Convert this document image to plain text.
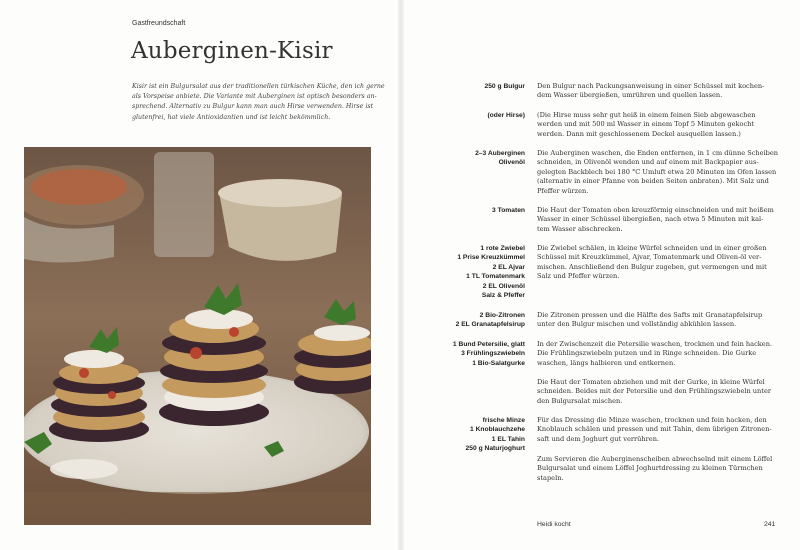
Gastfreundschaft
Auberginen-Kisir
Kisir ist ein Bulgursalat aus der traditionellen türkischen Küche, den ich gerne
als Vorspeise anbiete. Die Variante mit Auberginen ist optisch besonders an-
sprechend. Alternativ zu Bulgur kann man auch Hirse verwenden. Hirse ist
glutenfrei, hat viele Antioxidantien und ist leicht bekömmlich.
250 g Bulgur Den Bulgur nach Packungsanweisung in einer Schüssel mit kochen-
dem Wasser übergießen, umrühren und quellen lassen.
(oder Hirse) (Die Hirse muss sehr gut heiß in einem feinen Sieb abgewaschen
werden und mit 500 ml Wasser in einem Topf 5 Minuten gekocht
werden. Dann mit geschlossenem Deckel ausquellen lassen.)
2–3 Auberginen
Olivenöl
Die Auberginen waschen, die Enden entfernen, in 1 cm dünne Scheiben
schneiden, in Olivenöl wenden und auf einem mit Backpapier aus-
gelegten Backblech bei 180 °C Umluft etwa 20 Minuten im Ofen lassen
(alternativ in einer Pfanne von beiden Seiten anbraten). Mit Salz und
Pfeffer würzen.
3 Tomaten Die Haut der Tomaten oben kreuzförmig einschneiden und mit heißem
Wasser in einer Schüssel übergießen, nach etwa 5 Minuten mit kal-
tem Wasser abschrecken.
1 rote Zwiebel
1 Prise Kreuzkümmel
2 EL Ajvar
1 TL Tomatenmark
2 EL Olivenöl
Salz & Pfeffer
Die Zwiebel schälen, in kleine Würfel schneiden und in einer großen
Schüssel mit Kreuzkümmel, Ajvar, Tomatenmark und Oliven-öl ver-
mischen. Anschließend den Bulgur zugeben, gut vermengen und mit
Salz und Pfeffer würzen.
2 Bio-Zitronen
2 EL Granatapfelsirup
Die Zitronen pressen und die Hälfte des Safts mit Granatapfelsirup
unter den Bulgur mischen und vollständig abkühlen lassen.
1 Bund Petersilie, glatt
3 Frühlingszwiebeln
1 Bio-Salatgurke
In der Zwischenzeit die Petersilie waschen, trocknen und fein hacken.
Die Frühlingszwiebeln putzen und in Ringe schneiden. Die Gurke
waschen, längs halbieren und entkernen.
Die Haut der Tomaten abziehen und mit der Gurke, in kleine Würfel
schneiden. Beides mit der Petersilie und den Frühlingszwiebeln unter
den Bulgursalat mischen.
frische Minze
1 Knoblauchzehe
1 EL Tahin
250 g Naturjoghurt
Für das Dressing die Minze waschen, trocknen und fein hacken, den
Knoblauch schälen und pressen und mit Tahin, dem übrigen Zitronen-
saft und dem Joghurt gut verrühren.
Zum Servieren die Auberginenscheiben abwechselnd mit einem Löffel
Bulgursalat und einem Löffel Joghurtdressing zu kleinen Türmchen
stapeln.
Heidi kocht	241
